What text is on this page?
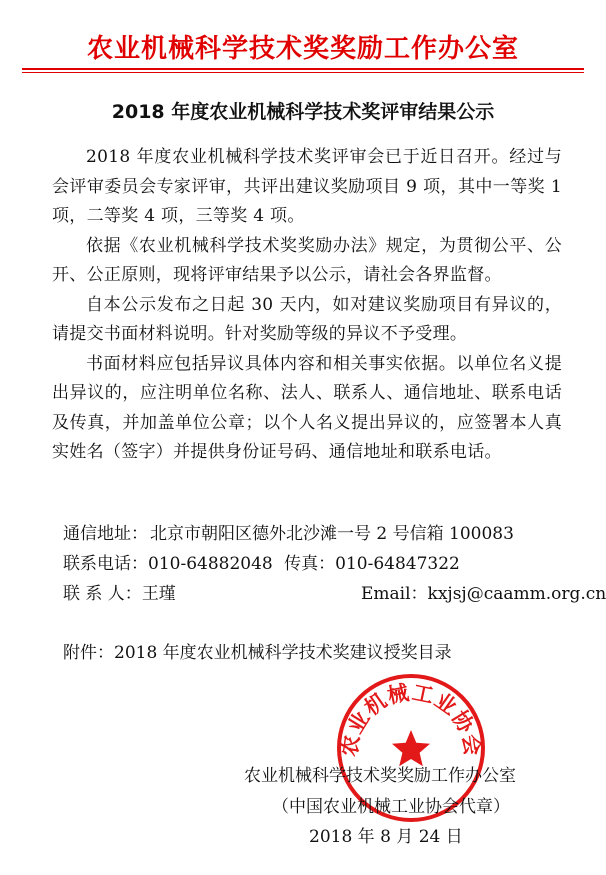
农业机械科学技术奖奖励工作办公室
2018 年度农业机械科学技术奖评审结果公示

2018 年度农业机械科学技术奖评审会已于近日召开。经过与会评审委员会专家评审，共评出建议奖励项目 9 项，其中一等奖 1 项，二等奖 4 项，三等奖 4 项。

依据《农业机械科学技术奖奖励办法》规定，为贯彻公平、公开、公正原则，现将评审结果予以公示，请社会各界监督。

自本公示发布之日起 30 天内，如对建议奖励项目有异议的，请提交书面材料说明。针对奖励等级的异议不予受理。

书面材料应包括异议具体内容和相关事实依据。以单位名义提出异议的，应注明单位名称、法人、联系人、通信地址、联系电话及传真，并加盖单位公章；以个人名义提出异议的，应签署本人真实姓名（签字）并提供身份证号码、通信地址和联系电话。

通信地址： 北京市朝阳区德外北沙滩一号 2 号信箱 100083
联系电话：010-64882048 传真：010-64847322
联 系 人：王瑾	Email：kxjsj@caamm.org.cn
附件：2018 年度农业机械科学技术奖建议授奖目录
农业机械工业协会
农业机械科学技术奖奖励工作办公室
（中国农业机械工业协会代章）
2018 年 8 月 24 日
